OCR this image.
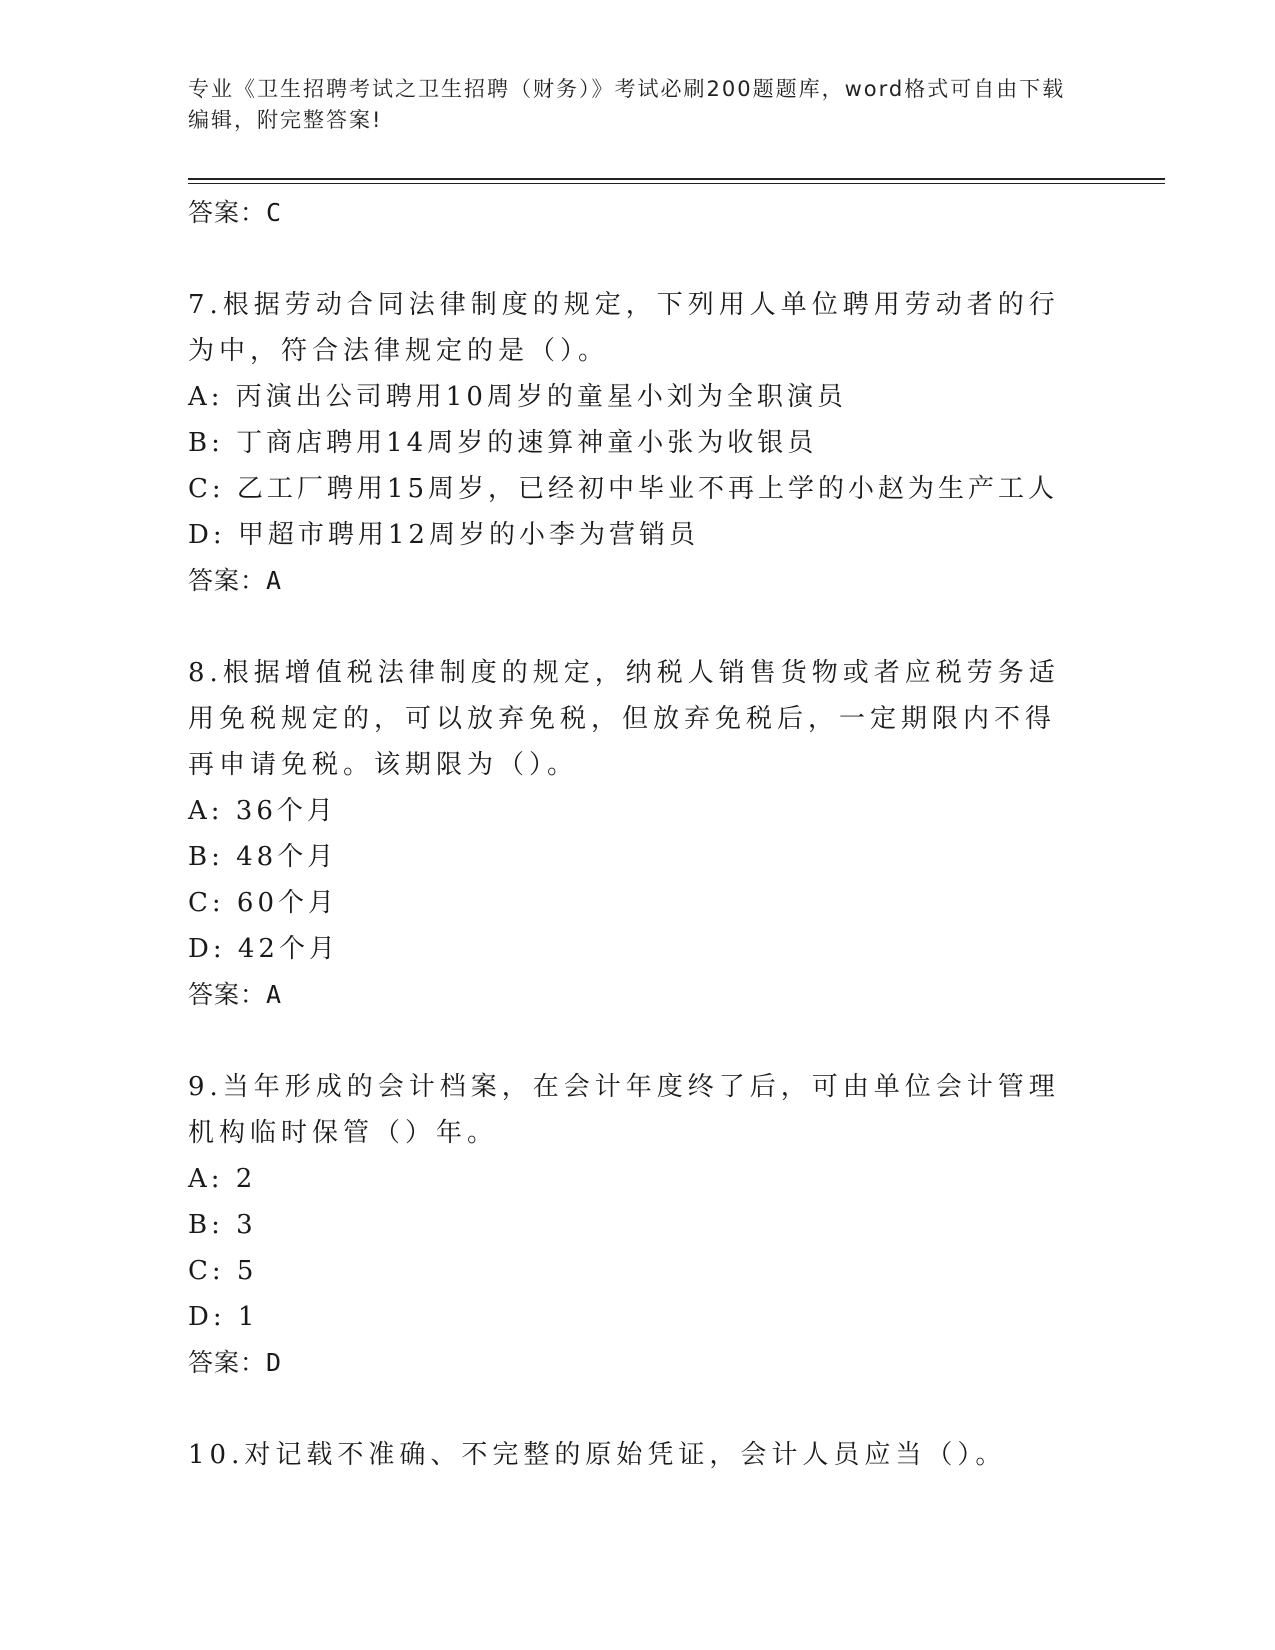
专业《卫生招聘考试之卫生招聘（财务）》考试必刷200题题库，word格式可自由下载编辑，附完整答案!

答案：C

7.根据劳动合同法律制度的规定，下列用人单位聘用劳动者的行为中，符合法律规定的是（）。

A: 丙演出公司聘用10周岁的童星小刘为全职演员

B: 丁商店聘用14周岁的速算神童小张为收银员

C: 乙工厂聘用15周岁，已经初中毕业不再上学的小赵为生产工人

D: 甲超市聘用12周岁的小李为营销员

答案：A

8.根据增值税法律制度的规定，纳税人销售货物或者应税劳务适用免税规定的，可以放弃免税，但放弃免税后，一定期限内不得再申请免税。该期限为（）。

A: 36个月

B: 48个月

C: 60个月

D: 42个月

答案：A

9.当年形成的会计档案，在会计年度终了后，可由单位会计管理机构临时保管（）年。

A: 2

B: 3

C: 5

D: 1

答案：D

10.对记载不准确、不完整的原始凭证，会计人员应当（）。
